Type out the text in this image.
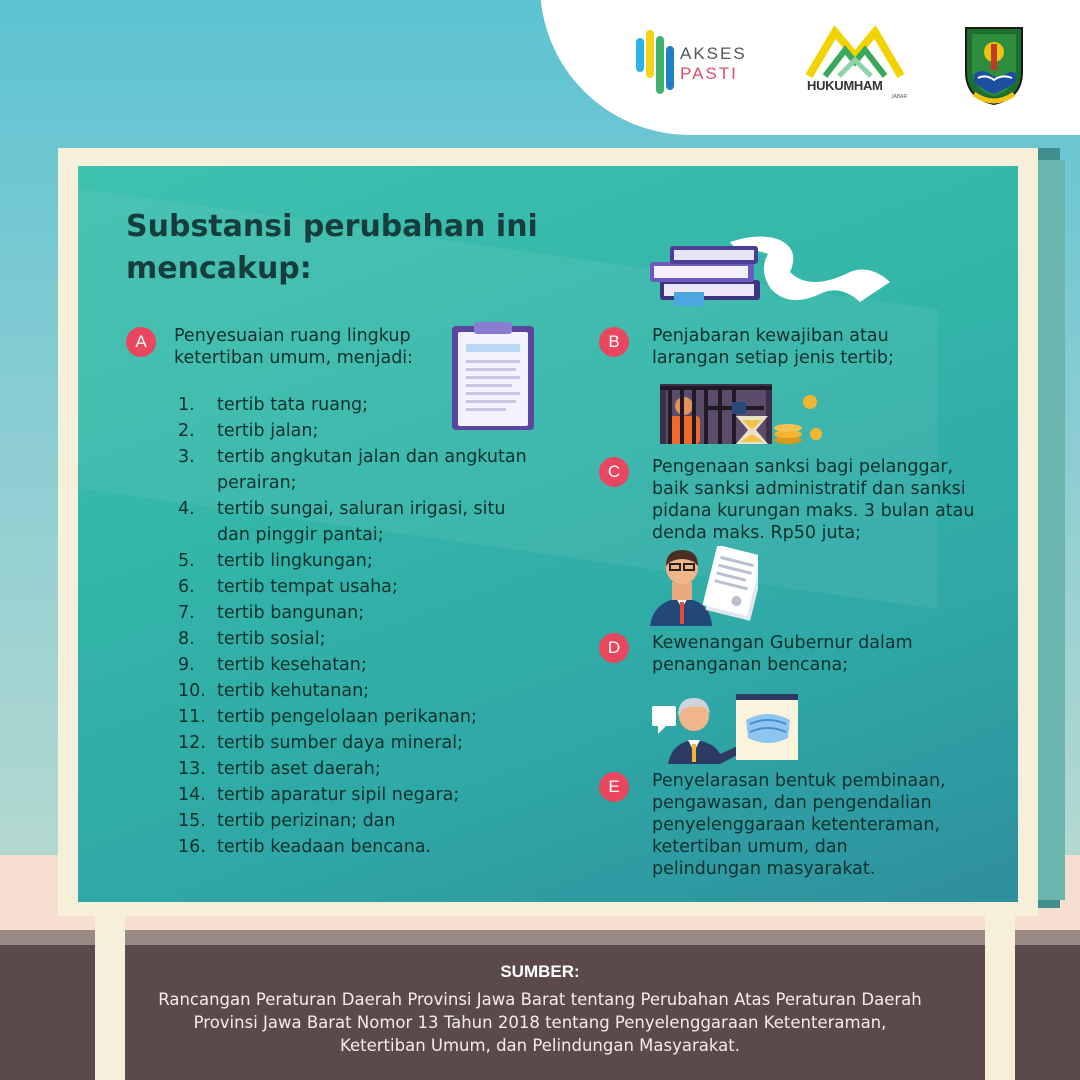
AKSES
PASTI
HUKUMHAM
JABAR
Substansi perubahan ini mencakup:
A	Penyesuaian ruang lingkup ketertiban umum, menjadi:
1.	tertib tata ruang;
2.	tertib jalan;
3.	tertib angkutan jalan dan angkutan perairan;
4.	tertib sungai, saluran irigasi, situ dan pinggir pantai;
5.	tertib lingkungan;
6.	tertib tempat usaha;
7.	tertib bangunan;
8.	tertib sosial;
9.	tertib kesehatan;
10. tertib kehutanan;
11. tertib pengelolaan perikanan;
12. tertib sumber daya mineral;
13. tertib aset daerah;
14. tertib aparatur sipil negara;
15. tertib perizinan; dan
16. tertib keadaan bencana.
B	Penjabaran kewajiban atau larangan setiap jenis tertib;
C	Pengenaan sanksi bagi pelanggar, baik sanksi administratif dan sanksi pidana kurungan maks. 3 bulan atau denda maks. Rp50 juta;
D	Kewenangan Gubernur dalam penanganan bencana;
E	Penyelarasan bentuk pembinaan, pengawasan, dan pengendalian penyelenggaraan ketenteraman, ketertiban umum, dan pelindungan masyarakat.
SUMBER:
Rancangan Peraturan Daerah Provinsi Jawa Barat tentang Perubahan Atas Peraturan Daerah Provinsi Jawa Barat Nomor 13 Tahun 2018 tentang Penyelenggaraan Ketenteraman, Ketertiban Umum, dan Pelindungan Masyarakat.
